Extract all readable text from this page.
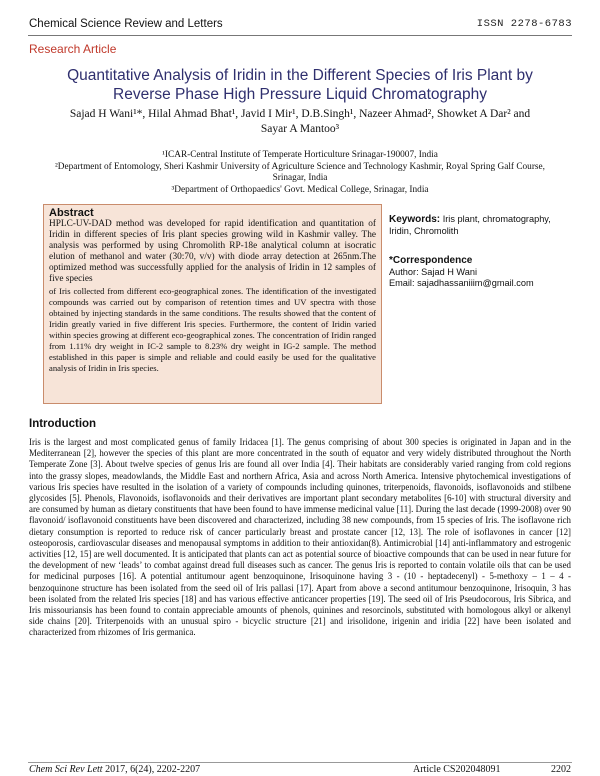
Chemical Science Review and Letters	ISSN 2278-6783
Research Article
Quantitative Analysis of Iridin in the Different Species of Iris Plant by Reverse Phase High Pressure Liquid Chromatography
Sajad H Wani¹*, Hilal Ahmad Bhat¹, Javid I Mir¹, D.B.Singh¹, Nazeer Ahmad², Showket A Dar² and
Sayar A Mantoo³
¹ICAR-Central Institute of Temperate Horticulture Srinagar-190007, India
²Department of Entomology, Sheri Kashmir University of Agriculture Science and Technology Kashmir, Royal Spring Galf Course, Srinagar, India
³Department of Orthopaedics' Govt. Medical College, Srinagar, India
Abstract

HPLC-UV-DAD method was developed for rapid identification and quantitation of Iridin in different species of Iris plant species growing wild in Kashmir valley. The analysis was performed by using Chromolith RP-18e analytical column at isocratic elution of methanol and water (30:70, v/v) with diode array detection at 265nm.The optimized method was successfully applied for the analysis of Iridin in 12 samples of five species

of Iris collected from different eco-geographical zones. The identification of the investigated compounds was carried out by comparison of retention times and UV spectra with those obtained by injecting standards in the same conditions. The results showed that the content of Iridin greatly varied in five different Iris species. Furthermore, the content of Iridin varied within species growing at different eco-geographical zones. The concentration of Iridin ranged from 1.11% dry weight in IC-2 sample to 8.23% dry weight in IG-2 sample. The method established in this paper is simple and reliable and could easily be used for the qualitative analysis of Iridin in Iris species.

Keywords: Iris plant, chromatography, Iridin, Chromolith
*Correspondence
Author: Sajad H Wani
Email: sajadhassaniiim@gmail.com
Introduction

Iris is the largest and most complicated genus of family Iridacea [1]. The genus comprising of about 300 species is originated in Japan and in the Mediterranean [2], however the species of this plant are more concentrated in the south of equator and very widely distributed throughout the North Temperate Zone [3]. About twelve species of genus Iris are found all over India [4]. Their habitats are considerably varied ranging from cold regions into the grassy slopes, meadowlands, the Middle East and northern Africa, Asia and across North America. Intensive phytochemical investigations of various Iris species have resulted in the isolation of a variety of compounds including quinones, triterpenoids, flavonoids, isoflavonoids and stilbene glycosides [5]. Phenols, Flavonoids, isoflavonoids and their derivatives are important plant secondary metabolites [6-10] with structural diversity and are consumed by human as dietary constituents that have been found to have immense medicinal value [11]. During the last decade (1999-2008) over 90 flavonoid/ isoflavonoid constituents have been discovered and characterized, including 38 new compounds, from 15 species of Iris. The isoflavone rich dietary consumption is reported to reduce risk of cancer particularly breast and prostate cancer [12, 13]. The role of isoflavones in cancer [12] osteoporosis, cardiovascular diseases and menopausal symptoms in addition to their antioxidan(8). Antimicrobial [14] anti-inflammatory and estrogenic activities [12, 15] are well documented. It is anticipated that plants can act as potential source of bioactive compounds that can be used in near future for the development of new ‘leads’ to combat against dread full diseases such as cancer. The genus Iris is reported to contain volatile oils that can be used for medicinal purposes [16]. A potential antitumour agent benzoquinone, Irisoquinone having 3 - (10 - heptadecenyl) - 5-methoxy – 1 – 4 - benzoquinone structure has been isolated from the seed oil of Iris pallasi [17]. Apart from above a second antitumour benzoquinone, Irisoquin, 3 has been isolated from the related Iris species [18] and has various effective anticancer properties [19]. The seed oil of Iris Pseudocorous, Iris Sibrica, and Iris missouriansis has been found to contain appreciable amounts of phenols, quinines and resorcinols, substituted with homologous alkyl or alkenyl side chains [20]. Triterpenoids with an unusual spiro - bicyclic structure [21] and irisolidone, irigenin and iridia [22] have been isolated and characterized from rhizomes of Iris germanica.

Chem Sci Rev Lett 2017, 6(24), 2202-2207	Article CS202048091	2202
